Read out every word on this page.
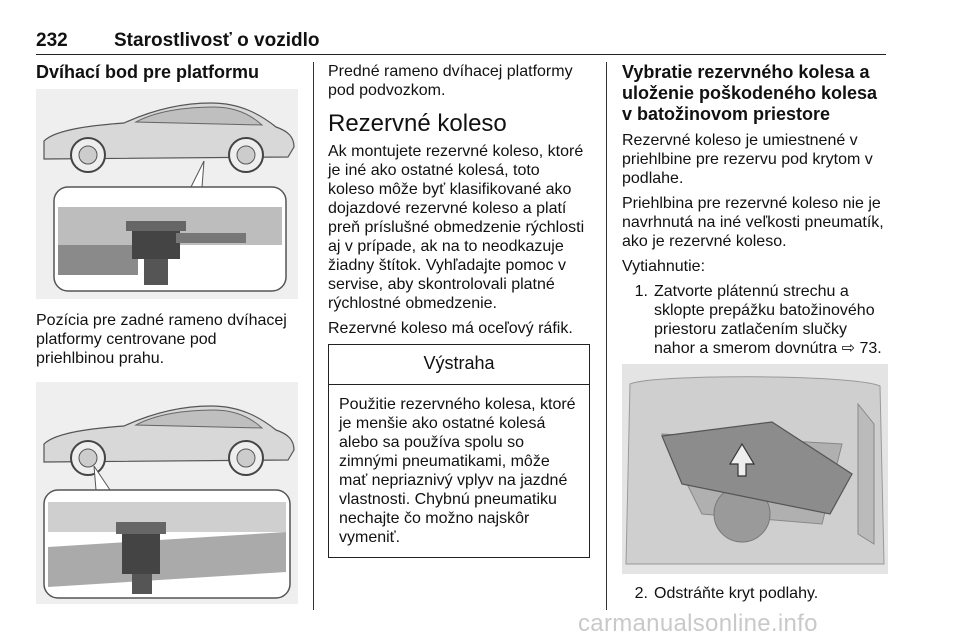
232 Starostlivosť o vozidlo
Dvíhací bod pre platformu
Pozícia pre zadné rameno dvíhacej platformy centrovane pod priehlbinou prahu.
Predné rameno dvíhacej platformy pod podvozkom.
Rezervné koleso
Ak montujete rezervné koleso, ktoré je iné ako ostatné kolesá, toto koleso môže byť klasifikované ako dojazdové rezervné koleso a platí preň príslušné obmedzenie rýchlosti aj v prípade, ak na to neodkazuje žiadny štítok. Vyhľadajte pomoc v servise, aby skontrolovali platné rýchlostné obmedzenie.
Rezervné koleso má oceľový ráfik.
Výstraha
Použitie rezervného kolesa, ktoré je menšie ako ostatné kolesá alebo sa používa spolu so zimnými pneumatikami, môže mať nepriaznivý vplyv na jazdné vlastnosti. Chybnú pneumatiku nechajte čo možno najskôr vymeniť.
Vybratie rezervného kolesa a uloženie poškodeného kolesa v batožinovom priestore
Rezervné koleso je umiestnené v priehlbine pre rezervu pod krytom v podlahe.
Priehlbina pre rezervné koleso nie je navrhnutá na iné veľkosti pneumatík, ako je rezervné koleso.
Vytiahnutie:
1. Zatvorte plátennú strechu a sklopte prepážku batožinového priestoru zatlačením slučky nahor a smerom dovnútra ⇨ 73.
2. Odstráňte kryt podlahy.
carmanualsonline.info
